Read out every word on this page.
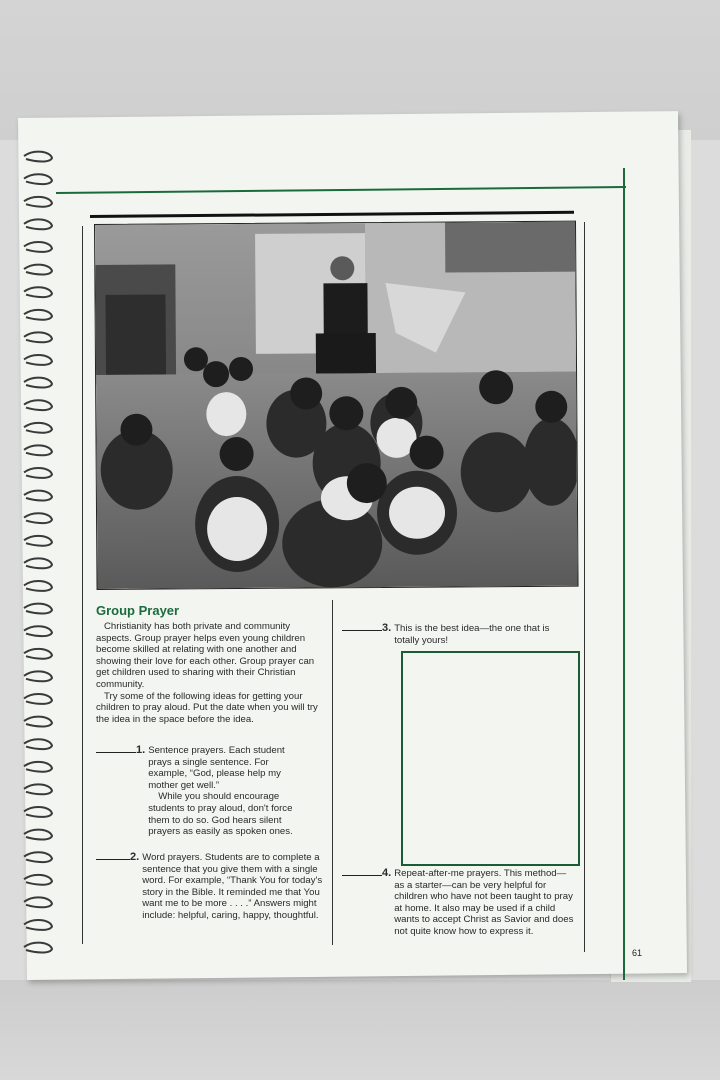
Group Prayer

Christianity has both private and community aspects. Group prayer helps even young children become skilled at relating with one another and showing their love for each other. Group prayer can get children used to sharing with their Christian community.

Try some of the following ideas for getting your children to pray aloud. Put the date when you will try the idea in the space before the idea.

1. Sentence prayers. Each student prays a single sentence. For example, “God, please help my mother get well.”

While you should encourage students to pray aloud, don't force them to do so. God hears silent prayers as easily as spoken ones.

2. Word prayers. Students are to complete a sentence that you give them with a single word. For example, “Thank You for today's story in the Bible. It reminded me that You want me to be more . . . .” Answers might include: helpful, caring, happy, thoughtful.

3. This is the best idea—the one that is totally yours!

4. Repeat-after-me prayers. This method—as a starter—can be very helpful for children who have not been taught to pray at home. It also may be used if a child wants to accept Christ as Savior and does not quite know how to express it.

61
